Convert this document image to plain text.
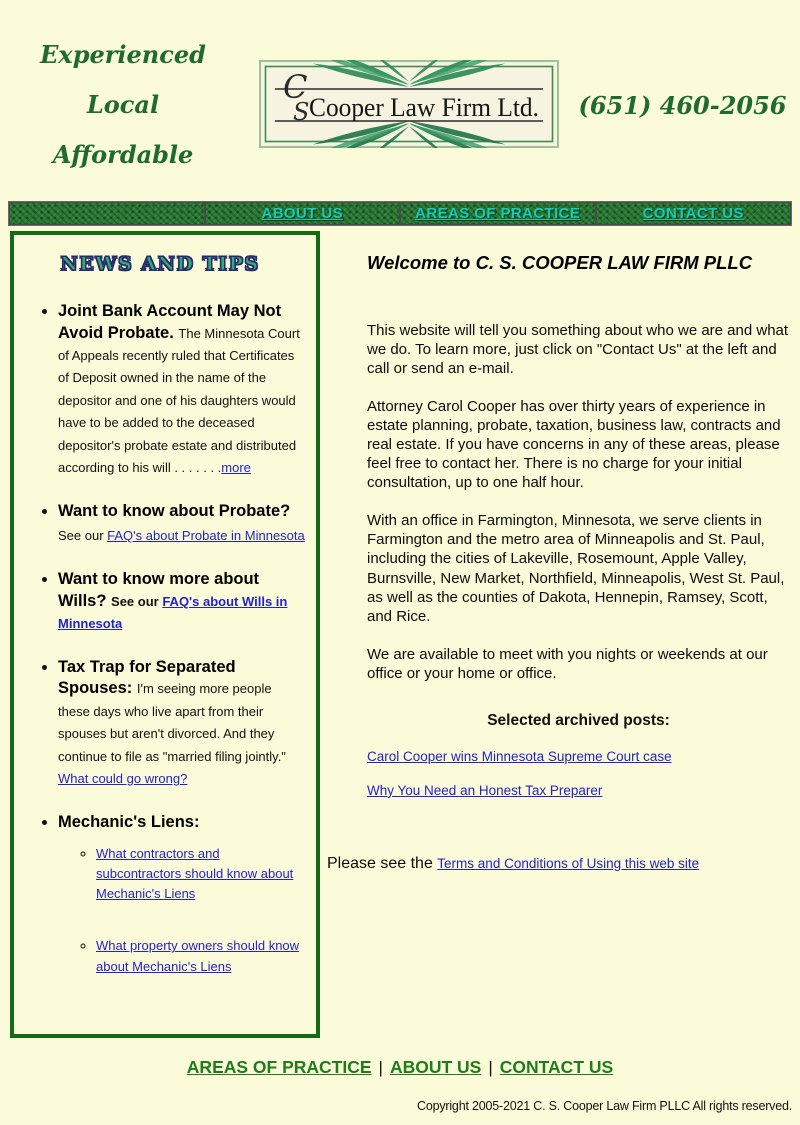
Experienced
Local
Affordable
C
S Cooper Law Firm Ltd. (651) 460-2056
ABOUT US	AREAS OF PRACTICE	CONTACT US
NEWS AND TIPS
• Joint Bank Account May Not Avoid Probate. The Minnesota Court of Appeals recently ruled that Certificates of Deposit owned in the name of the depositor and one of his daughters would have to be added to the deceased depositor's probate estate and distributed according to his will . . . . . . .more
• Want to know about Probate?
See our FAQ's about Probate in Minnesota
• Want to know more about Wills? See our FAQ's about Wills in Minnesota
• Tax Trap for Separated Spouses: I'm seeing more people these days who live apart from their spouses but aren't divorced. And they continue to file as "married filing jointly." What could go wrong?
• Mechanic's Liens:
◦ What contractors and subcontractors should know about Mechanic's Liens
◦ What property owners should know about Mechanic's Liens
Welcome to C. S. COOPER LAW FIRM PLLC

This website will tell you something about who we are and what we do. To learn more, just click on "Contact Us" at the left and call or send an e-mail.

Attorney Carol Cooper has over thirty years of experience in estate planning, probate, taxation, business law, contracts and real estate. If you have concerns in any of these areas, please feel free to contact her. There is no charge for your initial consultation, up to one half hour.

With an office in Farmington, Minnesota, we serve clients in Farmington and the metro area of Minneapolis and St. Paul, including the cities of Lakeville, Rosemount, Apple Valley, Burnsville, New Market, Northfield, Minneapolis, West St. Paul, as well as the counties of Dakota, Hennepin, Ramsey, Scott, and Rice.

We are available to meet with you nights or weekends at our office or your home or office.

Selected archived posts:
Carol Cooper wins Minnesota Supreme Court case
Why You Need an Honest Tax Preparer
Please see the Terms and Conditions of Using this web site
AREAS OF PRACTICE | ABOUT US | CONTACT US
Copyright 2005-2021 C. S. Cooper Law Firm PLLC All rights reserved.
